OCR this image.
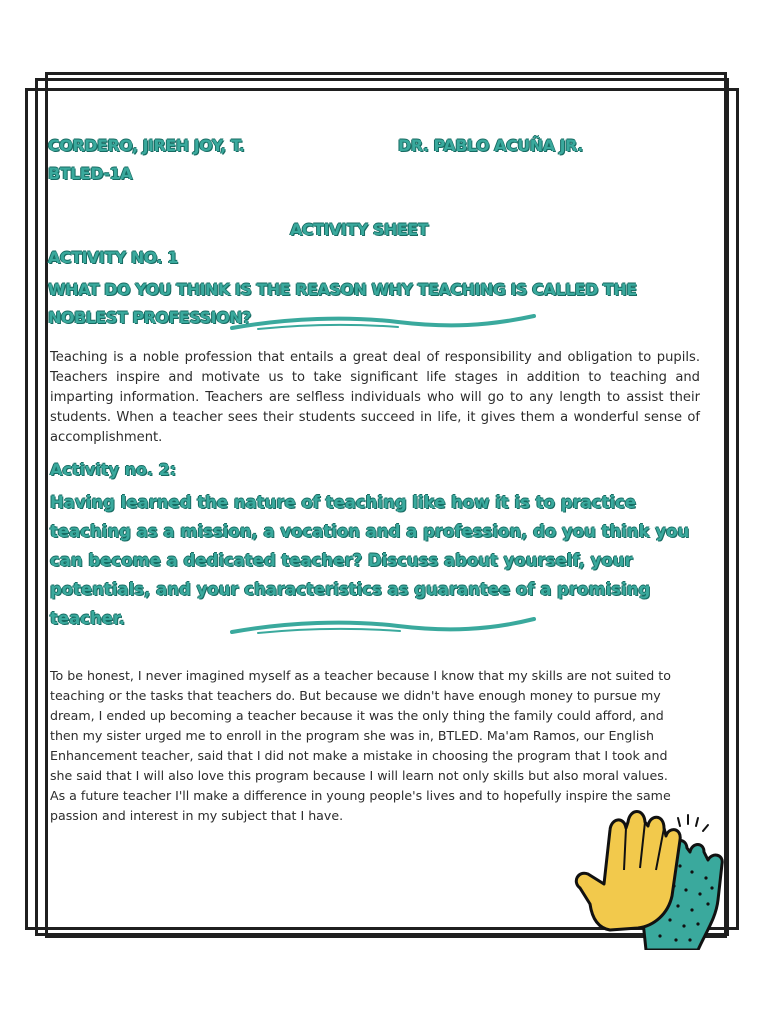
CORDERO, JIREH JOY, T.	DR. PABLO ACUÑA JR.
BTLED-1A
ACTIVITY SHEET
ACTIVITY NO. 1
WHAT DO YOU THINK IS THE REASON WHY TEACHING IS CALLED THE NOBLEST PROFESSION?
Teaching is a noble profession that entails a great deal of responsibility and obligation to pupils. Teachers inspire and motivate us to take significant life stages in addition to teaching and imparting information. Teachers are selfless individuals who will go to any length to assist their students. When a teacher sees their students succeed in life, it gives them a wonderful sense of accomplishment.
Activity no. 2:
Having learned the nature of teaching like how it is to practice teaching as a mission, a vocation and a profession, do you think you can become a dedicated teacher? Discuss about yourself, your potentials, and your characteristics as guarantee of a promising teacher.
To be honest, I never imagined myself as a teacher because I know that my skills are not suited to teaching or the tasks that teachers do. But because we didn't have enough money to pursue my dream, I ended up becoming a teacher because it was the only thing the family could afford, and then my sister urged me to enroll in the program she was in, BTLED. Ma'am Ramos, our English Enhancement teacher, said that I did not make a mistake in choosing the program that I took and she said that I will also love this program because I will learn not only skills but also moral values. As a future teacher I'll make a difference in young people's lives and to hopefully inspire the same passion and interest in my subject that I have.
